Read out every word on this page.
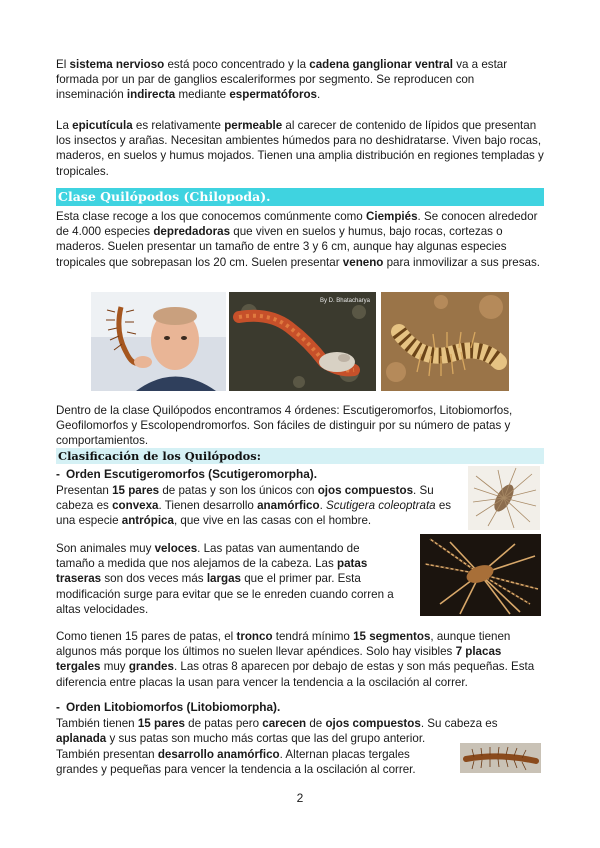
El sistema nervioso está poco concentrado y la cadena ganglionar ventral va a estar formada por un par de ganglios escaleriformes por segmento. Se reproducen con inseminación indirecta mediante espermatóforos.
La epicutícula es relativamente permeable al carecer de contenido de lípidos que presentan los insectos y arañas. Necesitan ambientes húmedos para no deshidratarse. Viven bajo rocas, maderos, en suelos y humus mojados. Tienen una amplia distribución en regiones templadas y tropicales.
Clase Quilópodos (Chilopoda).
Esta clase recoge a los que conocemos comúnmente como Ciempiés. Se conocen alrededor de 4.000 especies depredadoras que viven en suelos y humus, bajo rocas, cortezas o maderos. Suelen presentar un tamaño de entre 3 y 6 cm, aunque hay algunas especies tropicales que sobrepasan los 20 cm. Suelen presentar veneno para inmovilizar a sus presas.
By D. Bhatacharya
Dentro de la clase Quilópodos encontramos 4 órdenes: Escutigeromorfos, Litobiomorfos, Geofilomorfos y Escolopendromorfos. Son fáciles de distinguir por su número de patas y comportamientos.
Clasificación de los Quilópodos:
- Orden Escutigeromorfos (Scutigeromorpha).
Presentan 15 pares de patas y son los únicos con ojos compuestos. Su cabeza es convexa. Tienen desarrollo anamórfico. Scutigera coleoptrata es una especie antrópica, que vive en las casas con el hombre.
Son animales muy veloces. Las patas van aumentando de tamaño a medida que nos alejamos de la cabeza. Las patas traseras son dos veces más largas que el primer par. Esta modificación surge para evitar que se le enreden cuando corren a altas velocidades.
Como tienen 15 pares de patas, el tronco tendrá mínimo 15 segmentos, aunque tienen algunos más porque los últimos no suelen llevar apéndices. Solo hay visibles 7 placas tergales muy grandes. Las otras 8 aparecen por debajo de estas y son más pequeñas. Esta diferencia entre placas la usan para vencer la tendencia a la oscilación al correr.
- Orden Litobiomorfos (Litobiomorpha).
También tienen 15 pares de patas pero carecen de ojos compuestos. Su cabeza es aplanada y sus patas son mucho más cortas que las del grupo anterior.
También presentan desarrollo anamórfico. Alternan placas tergales grandes y pequeñas para vencer la tendencia a la oscilación al correr.
2
